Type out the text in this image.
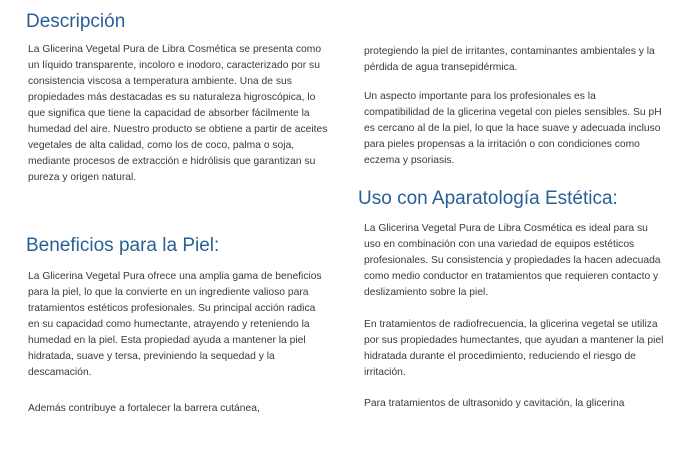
Descripción

La Glicerina Vegetal Pura de Libra Cosmética se presenta como un líquido transparente, incoloro e inodoro, caracterizado por su consistencia viscosa a temperatura ambiente. Una de sus propiedades más destacadas es su naturaleza higroscópica, lo que significa que tiene la capacidad de absorber fácilmente la humedad del aire. Nuestro producto se obtiene a partir de aceites vegetales de alta calidad, como los de coco, palma o soja, mediante procesos de extracción e hidrólisis que garantizan su pureza y origen natural.

Beneficios para la Piel:

La Glicerina Vegetal Pura ofrece una amplia gama de beneficios para la piel, lo que la convierte en un ingrediente valioso para tratamientos estéticos profesionales. Su principal acción radica en su capacidad como humectante, atrayendo y reteniendo la humedad en la piel. Esta propiedad ayuda a mantener la piel hidratada, suave y tersa, previniendo la sequedad y la descamación.

Además contribuye a fortalecer la barrera cutánea,

protegiendo la piel de irritantes, contaminantes ambientales y la pérdida de agua transepidérmica.

Un aspecto importante para los profesionales es la compatibilidad de la glicerina vegetal con pieles sensibles. Su pH es cercano al de la piel, lo que la hace suave y adecuada incluso para pieles propensas a la irritación o con condiciones como eczema y psoriasis.

Uso con Aparatología Estética:

La Glicerina Vegetal Pura de Libra Cosmética es ideal para su uso en combinación con una variedad de equipos estéticos profesionales. Su consistencia y propiedades la hacen adecuada como medio conductor en tratamientos que requieren contacto y deslizamiento sobre la piel.

En tratamientos de radiofrecuencia, la glicerina vegetal se utiliza por sus propiedades humectantes, que ayudan a mantener la piel hidratada durante el procedimiento, reduciendo el riesgo de irritación.

Para tratamientos de ultrasonido y cavitación, la glicerina
